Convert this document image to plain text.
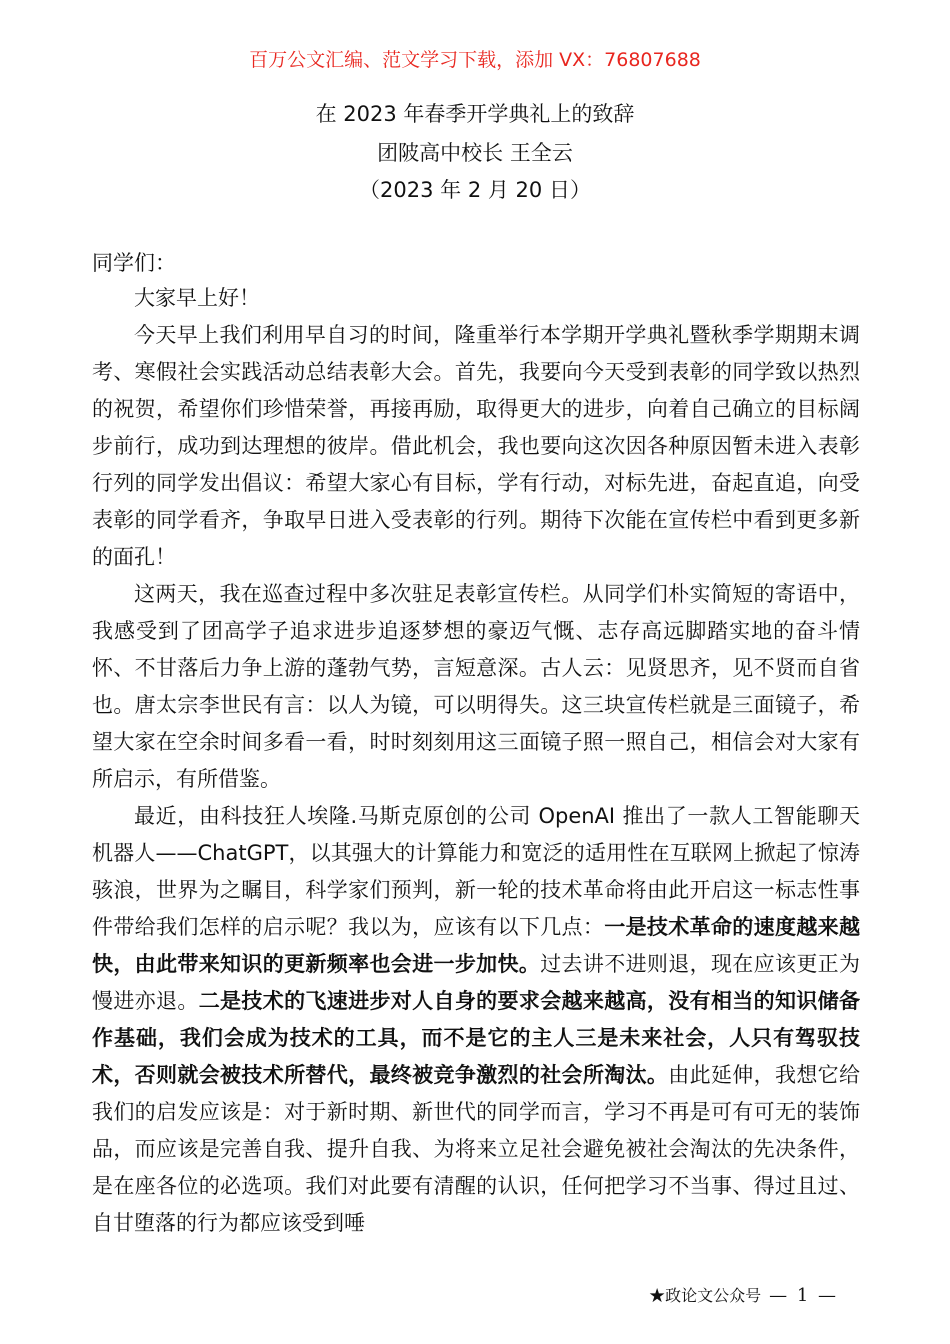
百万公文汇编、范文学习下载，添加 VX：76807688
在 2023 年春季开学典礼上的致辞
团陂高中校长 王全云
（2023 年 2 月 20 日）
同学们：

大家早上好！

今天早上我们利用早自习的时间，隆重举行本学期开学典礼暨秋季学期期末调考、寒假社会实践活动总结表彰大会。首先，我要向今天受到表彰的同学致以热烈的祝贺，希望你们珍惜荣誉，再接再励，取得更大的进步，向着自己确立的目标阔步前行，成功到达理想的彼岸。借此机会，我也要向这次因各种原因暂未进入表彰行列的同学发出倡议：希望大家心有目标，学有行动，对标先进，奋起直追，向受表彰的同学看齐，争取早日进入受表彰的行列。期待下次能在宣传栏中看到更多新的面孔！

这两天，我在巡查过程中多次驻足表彰宣传栏。从同学们朴实简短的寄语中，我感受到了团高学子追求进步追逐梦想的豪迈气慨、志存高远脚踏实地的奋斗情怀、不甘落后力争上游的蓬勃气势，言短意深。古人云：见贤思齐，见不贤而自省也。唐太宗李世民有言：以人为镜，可以明得失。这三块宣传栏就是三面镜子，希望大家在空余时间多看一看，时时刻刻用这三面镜子照一照自己，相信会对大家有所启示，有所借鉴。

最近，由科技狂人埃隆.马斯克原创的公司 OpenAI 推出了一款人工智能聊天机器人——ChatGPT，以其强大的计算能力和宽泛的适用性在互联网上掀起了惊涛骇浪，世界为之瞩目，科学家们预判，新一轮的技术革命将由此开启这一标志性事件带给我们怎样的启示呢？我以为，应该有以下几点：一是技术革命的速度越来越快，由此带来知识的更新频率也会进一步加快。过去讲不进则退，现在应该更正为慢进亦退。二是技术的飞速进步对人自身的要求会越来越高，没有相当的知识储备作基础，我们会成为技术的工具，而不是它的主人三是未来社会，人只有驾驭技术，否则就会被技术所替代，最终被竞争激烈的社会所淘汰。由此延伸，我想它给我们的启发应该是：对于新时期、新世代的同学而言，学习不再是可有可无的装饰品，而应该是完善自我、提升自我、为将来立足社会避免被社会淘汰的先决条件，是在座各位的必选项。我们对此要有清醒的认识，任何把学习不当事、得过且过、自甘堕落的行为都应该受到唾

★政论文公众号 — 1 —
